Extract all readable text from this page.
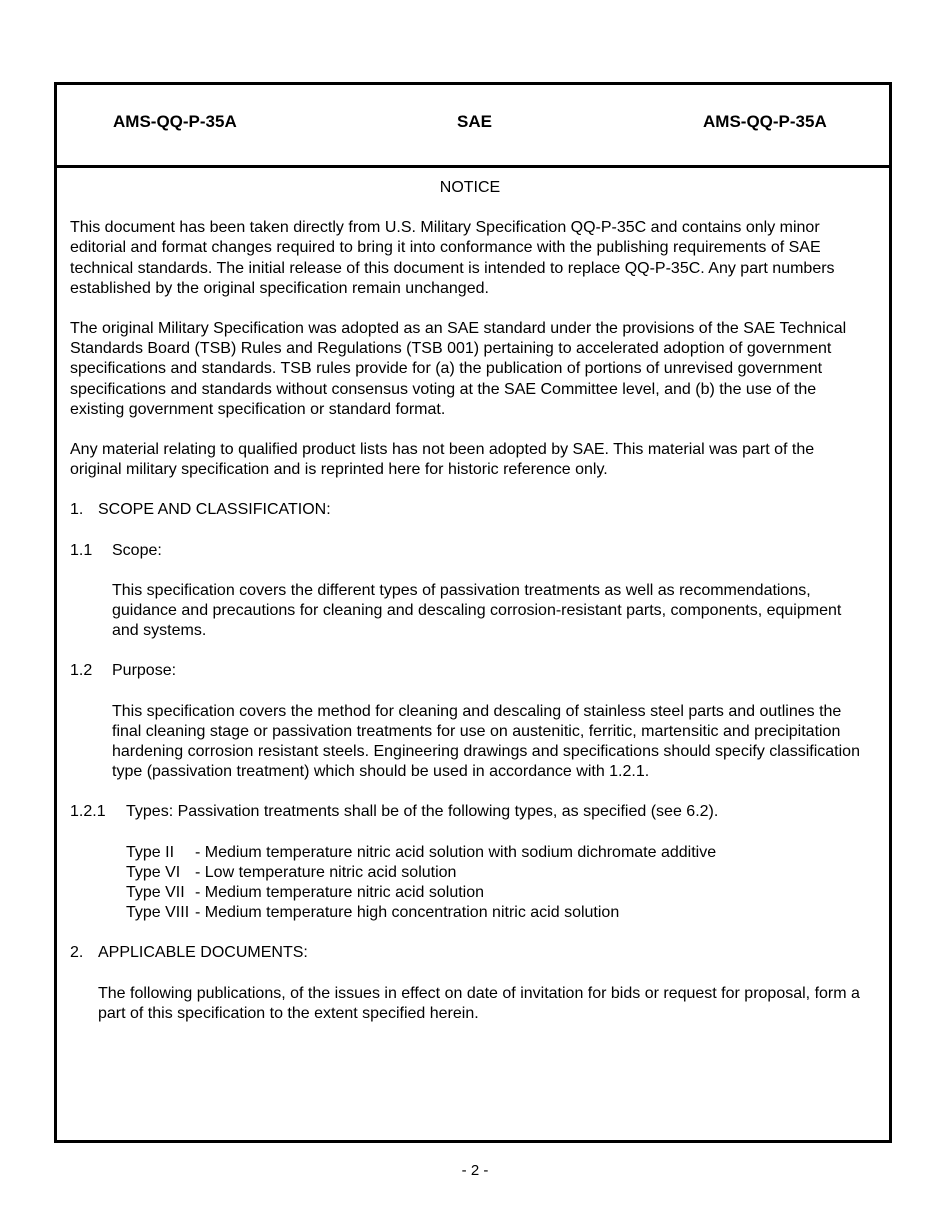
AMS-QQ-P-35A	SAE	AMS-QQ-P-35A
NOTICE

This document has been taken directly from U.S. Military Specification QQ-P-35C and contains only minor editorial and format changes required to bring it into conformance with the publishing requirements of SAE technical standards. The initial release of this document is intended to replace QQ-P-35C. Any part numbers established by the original specification remain unchanged.

The original Military Specification was adopted as an SAE standard under the provisions of the SAE Technical Standards Board (TSB) Rules and Regulations (TSB 001) pertaining to accelerated adoption of government specifications and standards. TSB rules provide for (a) the publication of portions of unrevised government specifications and standards without consensus voting at the SAE Committee level, and (b) the use of the existing government specification or standard format.

Any material relating to qualified product lists has not been adopted by SAE. This material was part of the original military specification and is reprinted here for historic reference only.

1. SCOPE AND CLASSIFICATION:
1.1	Scope:

This specification covers the different types of passivation treatments as well as recommendations, guidance and precautions for cleaning and descaling corrosion-resistant parts, components, equipment and systems.

1.2	Purpose:

This specification covers the method for cleaning and descaling of stainless steel parts and outlines the final cleaning stage or passivation treatments for use on austenitic, ferritic, martensitic and precipitation hardening corrosion resistant steels. Engineering drawings and specifications should specify classification type (passivation treatment) which should be used in accordance with 1.2.1.

1.2.1	Types: Passivation treatments shall be of the following types, as specified (see 6.2).
Type II	- Medium temperature nitric acid solution with sodium dichromate additive
Type VI - Low temperature nitric acid solution
Type VII - Medium temperature nitric acid solution
Type VIII - Medium temperature high concentration nitric acid solution
2. APPLICABLE DOCUMENTS:

The following publications, of the issues in effect on date of invitation for bids or request for proposal, form a part of this specification to the extent specified herein.

- 2 -
